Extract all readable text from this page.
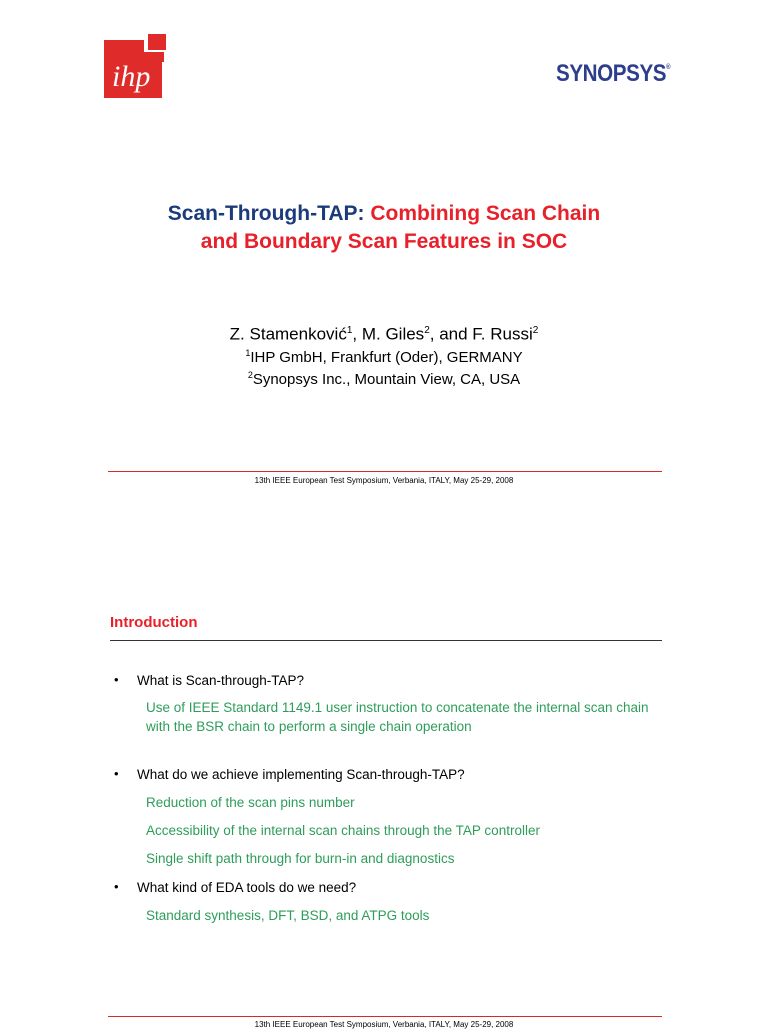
ihp	SYNOPSYS®
Scan-Through-TAP: Combining Scan Chain
and Boundary Scan Features in SOC
Z. Stamenković$^1$, M. Giles$^2$, and F. Russi$^2$
$^1$IHP GmbH, Frankfurt (Oder), GERMANY
$^2$Synopsys Inc., Mountain View, CA, USA
13th IEEE European Test Symposium, Verbania, ITALY, May 25-29, 2008
Introduction
• What is Scan-through-TAP?
Use of IEEE Standard 1149.1 user instruction to concatenate the internal scan chain with the BSR chain to perform a single chain operation
• What do we achieve implementing Scan-through-TAP?
Reduction of the scan pins number
Accessibility of the internal scan chains through the TAP controller
Single shift path through for burn-in and diagnostics
• What kind of EDA tools do we need?
Standard synthesis, DFT, BSD, and ATPG tools
13th IEEE European Test Symposium, Verbania, ITALY, May 25-29, 2008
